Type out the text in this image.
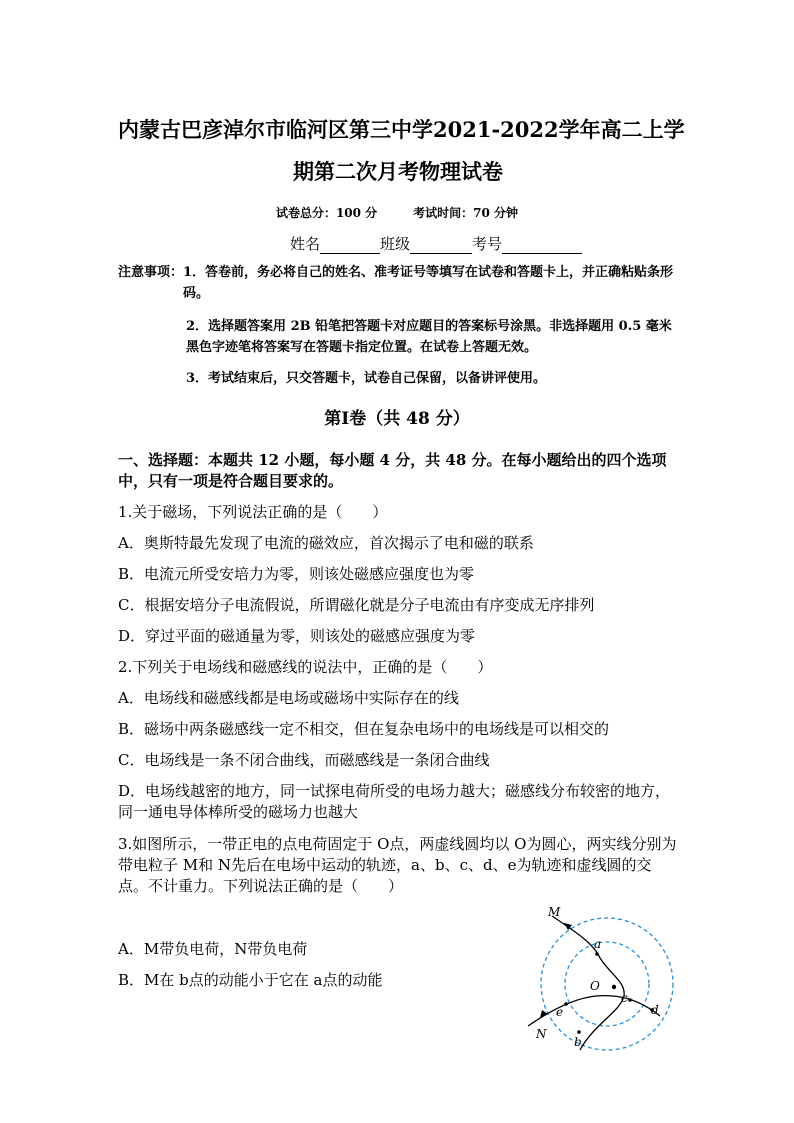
内蒙古巴彦淖尔市临河区第三中学2021-2022学年高二上学
期第二次月考物理试卷
试卷总分：100 分	考试时间：70 分钟
姓名	班级	考号
注意事项： 1．答卷前，务必将自己的姓名、准考证号等填写在试卷和答题卡上，并正确粘贴条形码。
2．选择题答案用 2B 铅笔把答题卡对应题目的答案标号涂黑。非选择题用 0.5 毫米黑色字迹笔将答案写在答题卡指定位置。在试卷上答题无效。
3．考试结束后，只交答题卡，试卷自己保留，以备讲评使用。
第Ⅰ卷（共 48 分）
一、选择题：本题共 12 小题，每小题 4 分，共 48 分。在每小题给出的四个选项中，只有一项是符合题目要求的。
1.关于磁场，下列说法正确的是（　　）
A．奥斯特最先发现了电流的磁效应，首次揭示了电和磁的联系
B．电流元所受安培力为零，则该处磁感应强度也为零
C．根据安培分子电流假说，所谓磁化就是分子电流由有序变成无序排列
D．穿过平面的磁通量为零，则该处的磁感应强度为零
2.下列关于电场线和磁感线的说法中，正确的是（　　）
A．电场线和磁感线都是电场或磁场中实际存在的线
B．磁场中两条磁感线一定不相交，但在复杂电场中的电场线是可以相交的
C．电场线是一条不闭合曲线，而磁感线是一条闭合曲线
D．电场线越密的地方，同一试探电荷所受的电场力越大；磁感线分布较密的地方，同一通电导体棒所受的磁场力也越大
3.如图所示，一带正电的点电荷固定于 O点，两虚线圆均以 O为圆心，两实线分别为带电粒子 M和 N先后在电场中运动的轨迹，a、b、c、d、e为轨迹和虚线圆的交点。不计重力。下列说法正确的是（　　）
A．M带负电荷，N带负电荷
B．M在 b点的动能小于它在 a点的动能
M
N
O
a
b
c
d
e
